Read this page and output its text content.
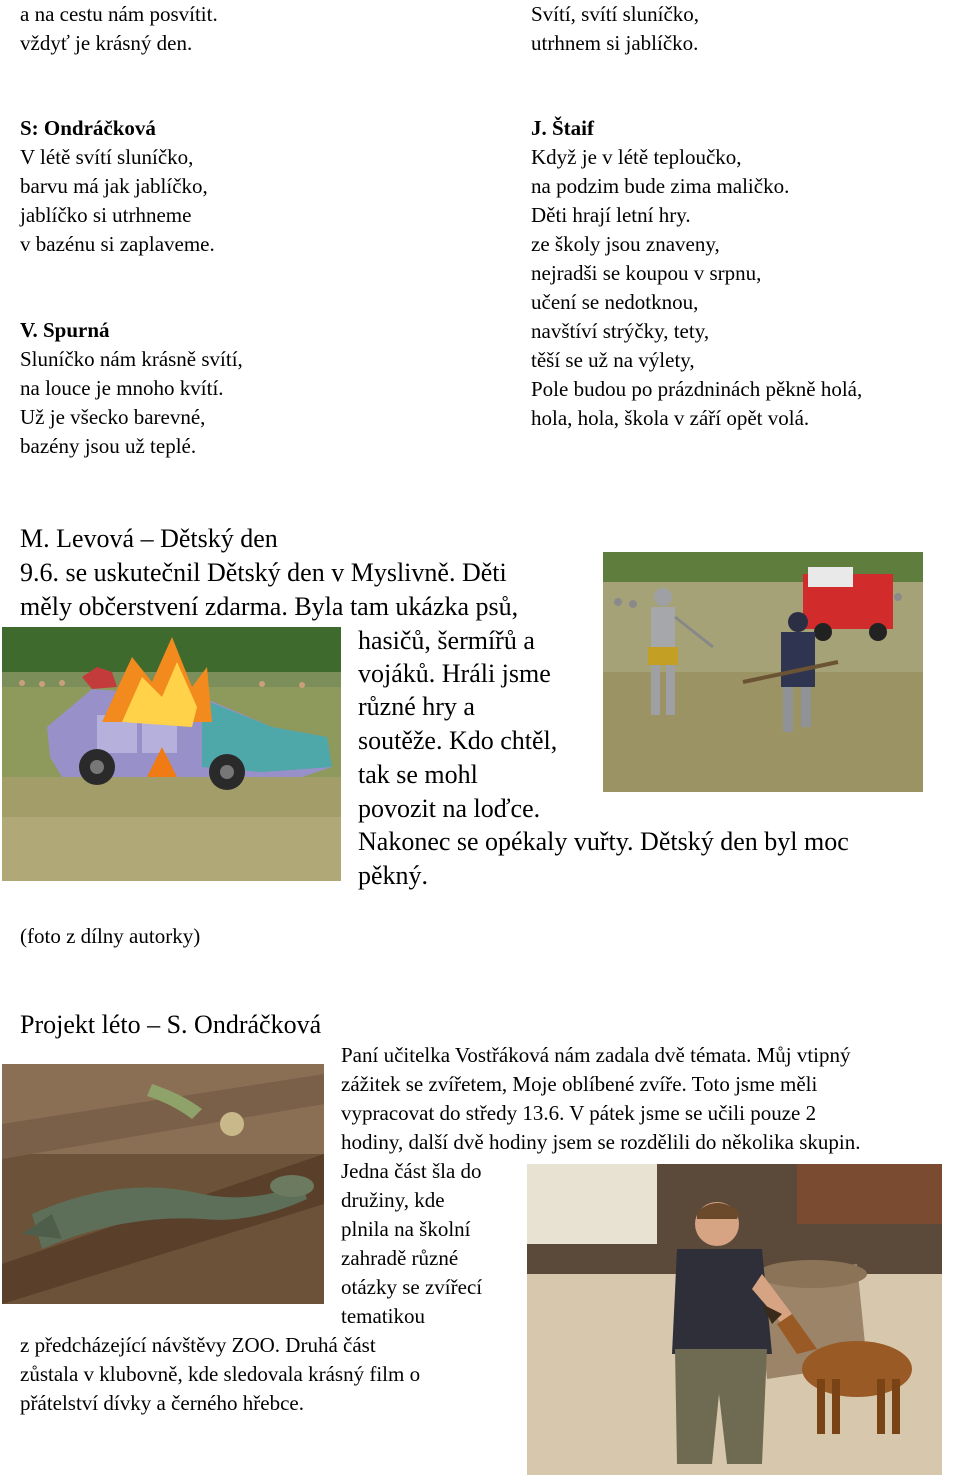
a na cestu nám posvítit.
vždyť je krásný den.
Svítí, svítí sluníčko,
utrhnem si jablíčko.
S: Ondráčková
V létě svítí sluníčko,
barvu má jak jablíčko,
jablíčko si utrhneme
v bazénu si zaplaveme.
V. Spurná
Sluníčko nám krásně svítí,
na louce je mnoho kvítí.
Už je všecko barevné,
bazény jsou už teplé.
J. Štaif
Když je v létě teploučko,
na podzim bude zima maličko.
Děti hrají letní hry.
ze školy jsou znaveny,
nejradši se koupou v srpnu,
učení se nedotknou,
navštíví strýčky, tety,
těší se už na výlety,
Pole budou po prázdninách pěkně holá,
hola, hola, škola v září opět volá.
M. Levová – Dětský den
9.6. se uskutečnil Dětský den v Myslivně. Děti
měly občerstvení zdarma. Byla tam ukázka psů,
hasičů, šermířů a
vojáků. Hráli jsme
různé hry a
soutěže. Kdo chtěl,
tak se mohl
povozit na loďce.
Nakonec se opékaly vuřty. Dětský den byl moc
pěkný.
(foto z dílny autorky)
Projekt léto – S. Ondráčková
Paní učitelka Vostřáková nám zadala dvě témata. Můj vtipný
zážitek se zvířetem, Moje oblíbené zvíře. Toto jsme měli
vypracovat do středy 13.6. V pátek jsme se učili pouze 2
hodiny, další dvě hodiny jsem se rozdělili do několika skupin.
Jedna část šla do
družiny, kde
plnila na školní
zahradě různé
otázky se zvířecí
tematikou
z předcházející návštěvy ZOO. Druhá část
zůstala v klubovně, kde sledovala krásný film o
přátelství dívky a černého hřebce.
